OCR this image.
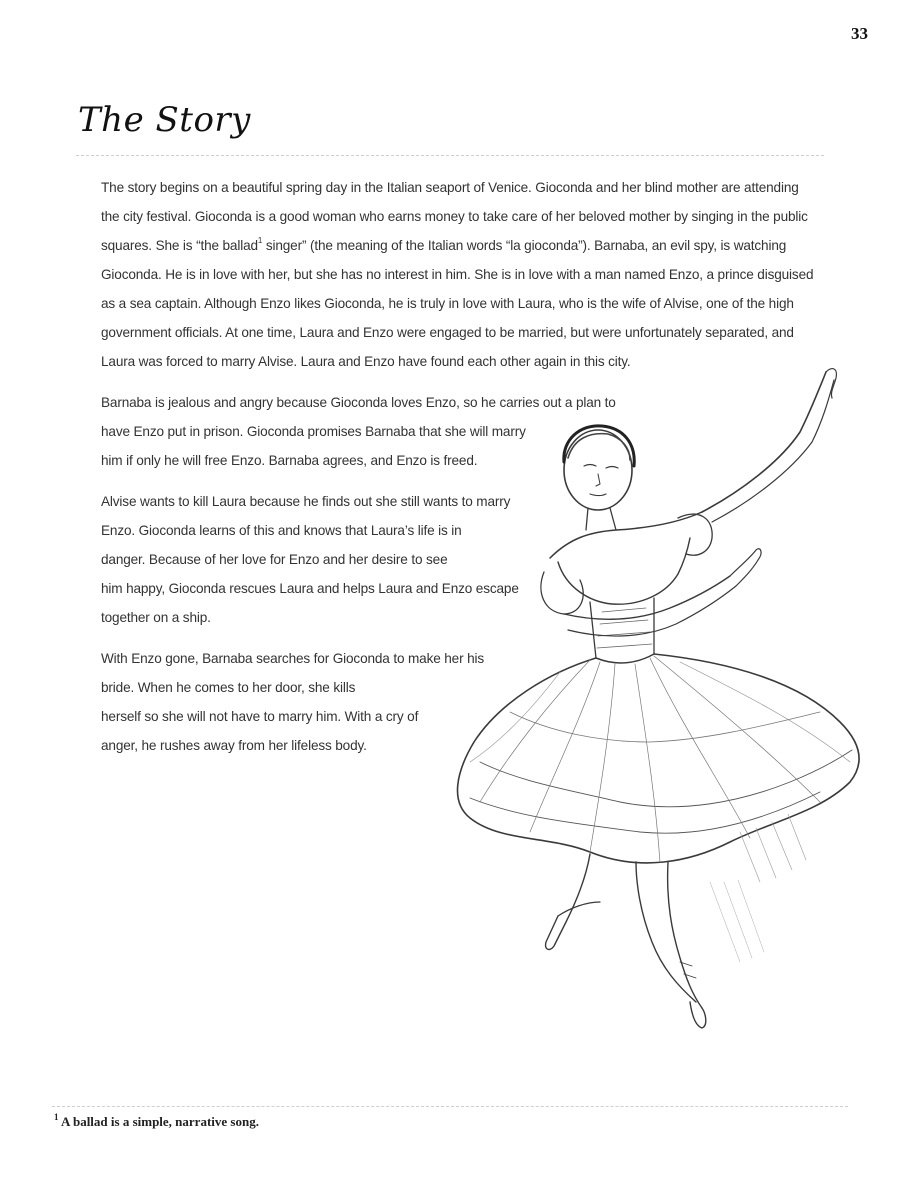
33
The Story
The story begins on a beautiful spring day in the Italian seaport of Venice. Gioconda and her blind mother are attending
the city festival. Gioconda is a good woman who earns money to take care of her beloved mother by singing in the public
squares. She is “the ballad$^1$ singer” (the meaning of the Italian words “la gioconda”). Barnaba, an evil spy, is watching
Gioconda. He is in love with her, but she has no interest in him. She is in love with a man named Enzo, a prince disguised
as a sea captain. Although Enzo likes Gioconda, he is truly in love with Laura, who is the wife of Alvise, one of the high
government officials. At one time, Laura and Enzo were engaged to be married, but were unfortunately separated, and
Laura was forced to marry Alvise. Laura and Enzo have found each other again in this city.
Barnaba is jealous and angry because Gioconda loves Enzo, so he carries out a plan to
have Enzo put in prison. Gioconda promises Barnaba that she will marry
him if only he will free Enzo. Barnaba agrees, and Enzo is freed.
Alvise wants to kill Laura because he finds out she still wants to marry
Enzo. Gioconda learns of this and knows that Laura’s life is in
danger. Because of her love for Enzo and her desire to see
him happy, Gioconda rescues Laura and helps Laura and Enzo escape
together on a ship.
With Enzo gone, Barnaba searches for Gioconda to make her his
bride. When he comes to her door, she kills
herself so she will not have to marry him. With a cry of
anger, he rushes away from her lifeless body.
$^1$ A ballad is a simple, narrative song.
